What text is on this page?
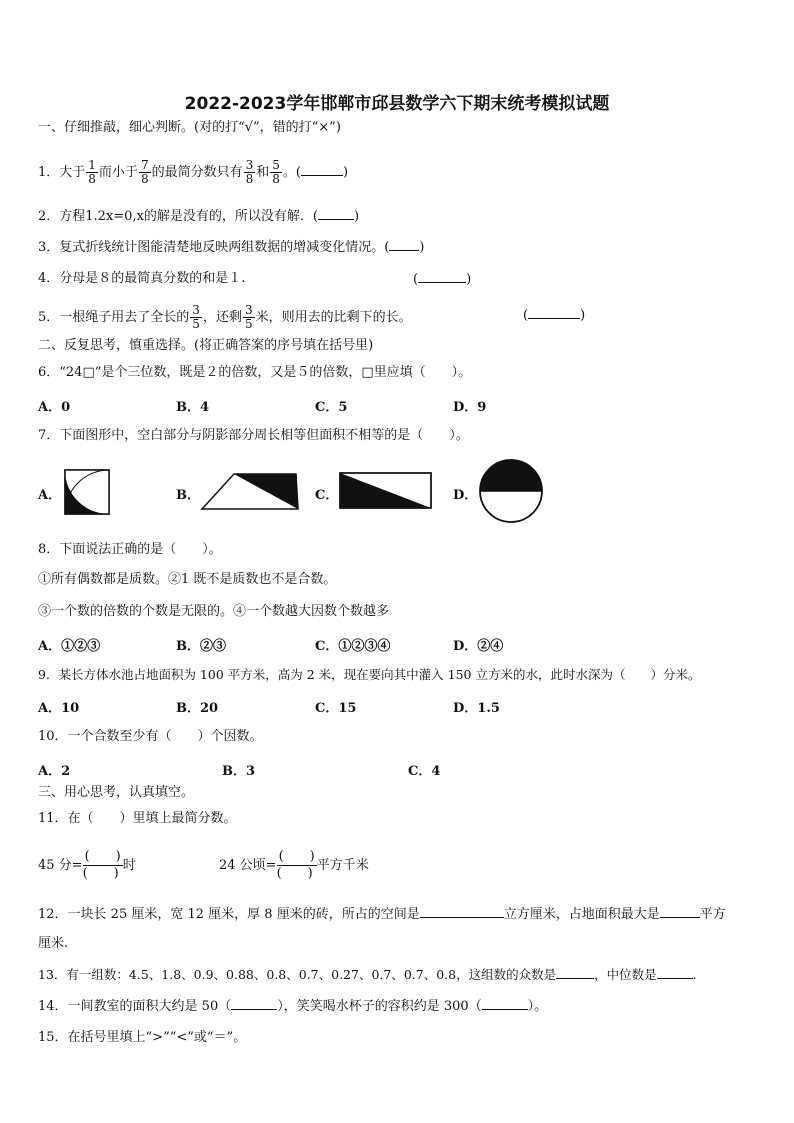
2022-2023学年邯郸市邱县数学六下期末统考模拟试题
一、仔细推敲，细心判断。(对的打“√”，错的打“×”)
1．大于 $\frac{1}{8}$ 而小于 $\frac{7}{8}$ 的最简分数只有 $\frac{3}{8}$ 和 $\frac{5}{8}$ 。(	)
2．方程1.2x=0,x的解是没有的，所以没有解．(	)
3．复式折线统计图能清楚地反映两组数据的增减变化情况。( )
4．分母是８的最简真分数的和是１.	(	)
5．一根绳子用去了全长的 $\frac{3}{5}$ ，还剩 $\frac{3}{5}$ 米，则用去的比剩下的长。	(	)
二、反复思考，慎重选择。(将正确答案的序号填在括号里)
6．“24□”是个三位数，既是２的倍数，又是５的倍数，□里应填（　　）。
A．0	B．4	C．5	D．9
7．下面图形中，空白部分与阴影部分周长相等但面积不相等的是（　　）。
A．	B．	C．	D．
8．下面说法正确的是（　　）。
①所有偶数都是质数。②1 既不是质数也不是合数。
③一个数的倍数的个数是无限的。④一个数越大因数个数越多
A．①②③	B．②③	C．①②③④	D．②④
9．某长方体水池占地面积为 100 平方米，高为 2 米，现在要向其中灌入 150 立方米的水，此时水深为（　　）分米。
A．10	B．20	C．15	D．1.5
10．一个合数至少有（　　）个因数。
A．2	B．3	C．4
三、用心思考，认真填空。
11．在（　　）里填上最简分数。
45 分=
(　　)
(　　)
时	24 公顷=
(　　)
(　　)
平方千米
12．一块长 25 厘米，宽 12 厘米，厚 8 厘米的砖，所占的空间是	立方厘米，占地面积最大是	平方
厘米.
13．有一组数：4.5、1.8、0.9、0.88、0.8、0.7、0.27、0.7、0.7、0.8，这组数的众数是	，中位数是	.
14．一间教室的面积大约是 50（	），笑笑喝水杯子的容积约是 300（	）。
15．在括号里填上“>”“<”或“＝”。
